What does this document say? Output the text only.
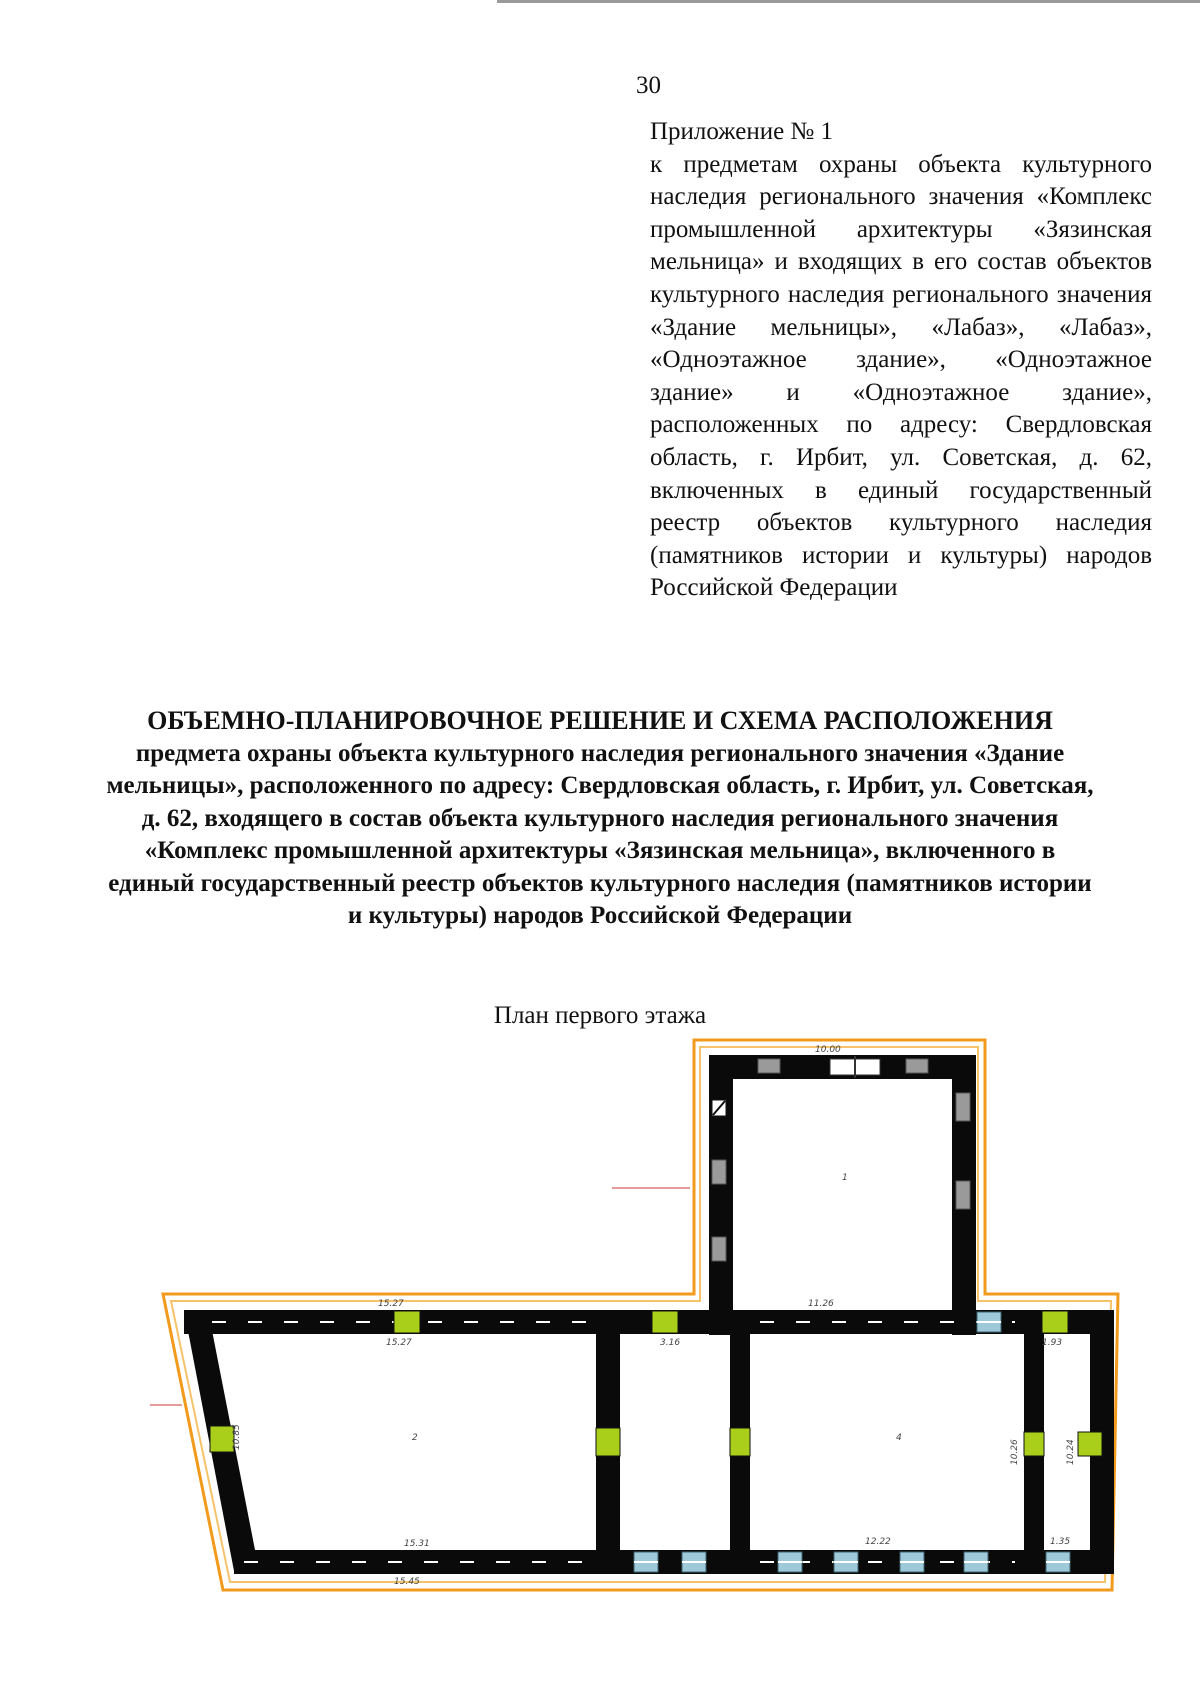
30
Приложение № 1
к предметам охраны объекта культурного наследия регионального значения «Комплекс промышленной архитектуры «Зязинская мельница» и входящих в его состав объектов культурного наследия регионального значения «Здание мельницы», «Лабаз», «Лабаз», «Одноэтажное здание», «Одноэтажное здание» и «Одноэтажное здание», расположенных по адресу: Свердловская область, г. Ирбит, ул. Советская, д. 62, включенных в единый государственный реестр объектов культурного наследия (памятников истории и культуры) народов Российской Федерации
ОБЪЕМНО-ПЛАНИРОВОЧНОЕ РЕШЕНИЕ И СХЕМА РАСПОЛОЖЕНИЯ
предмета охраны объекта культурного наследия регионального значения «Здание мельницы», расположенного по адресу: Свердловская область, г. Ирбит, ул. Советская, д. 62, входящего в состав объекта культурного наследия регионального значения «Комплекс промышленной архитектуры «Зязинская мельница», включенного в единый государственный реестр объектов культурного наследия (памятников истории и культуры) народов Российской Федерации
План первого этажа
15.27
15.27
15.31
15.45
11.26
12.22
1.93
1.35
3.16
10.00
10.85
10.26	10.24
1
2	4
